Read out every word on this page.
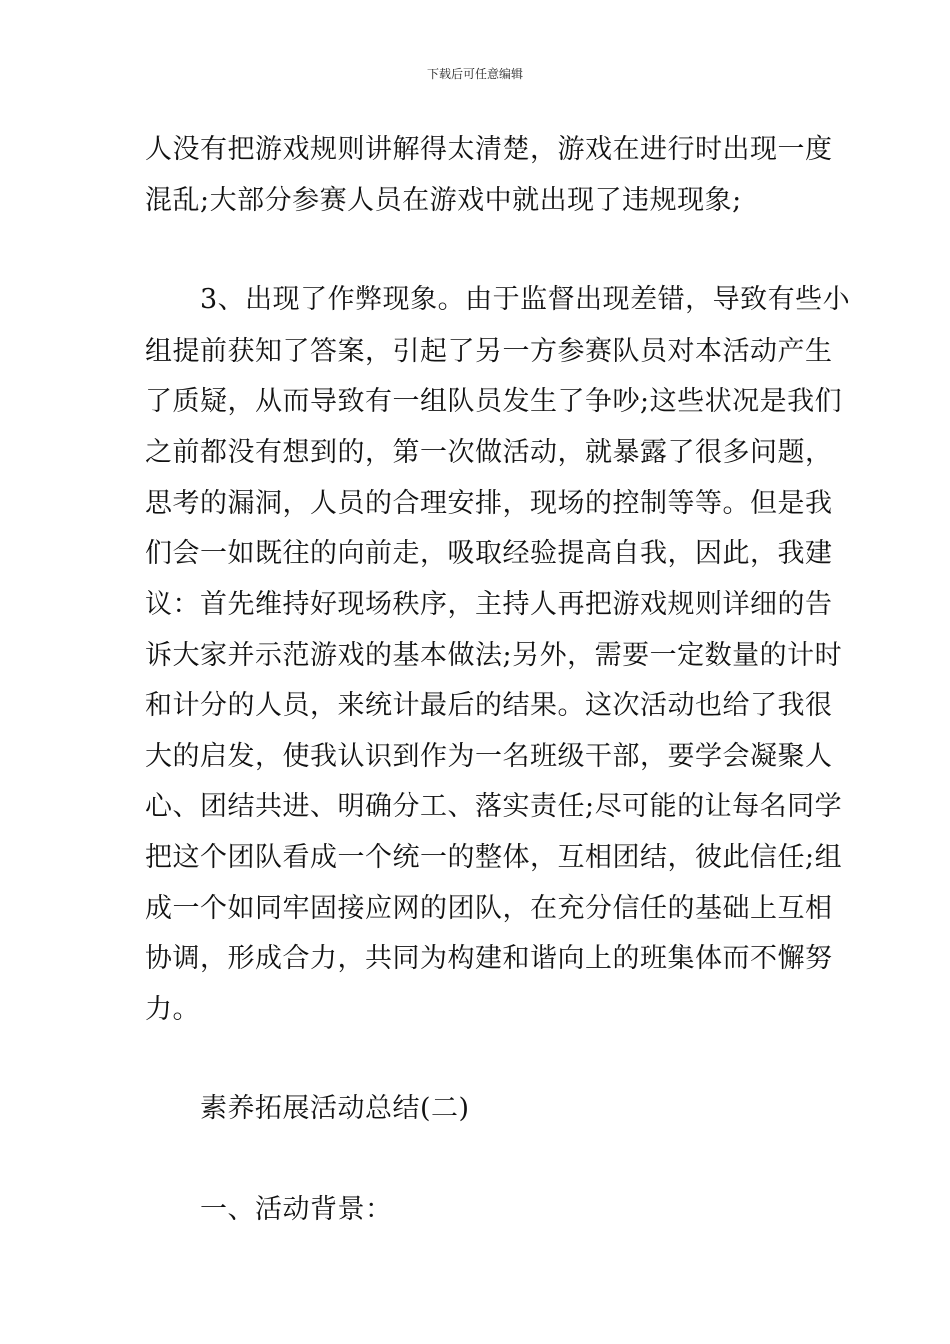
下载后可任意编辑
人没有把游戏规则讲解得太清楚，游戏在进行时出现一度
混乱;大部分参赛人员在游戏中就出现了违规现象;
　　3、出现了作弊现象。由于监督出现差错，导致有些小
组提前获知了答案，引起了另一方参赛队员对本活动产生
了质疑，从而导致有一组队员发生了争吵;这些状况是我们
之前都没有想到的，第一次做活动，就暴露了很多问题，
思考的漏洞，人员的合理安排，现场的控制等等。但是我
们会一如既往的向前走，吸取经验提高自我，因此，我建
议：首先维持好现场秩序，主持人再把游戏规则详细的告
诉大家并示范游戏的基本做法;另外，需要一定数量的计时
和计分的人员，来统计最后的结果。这次活动也给了我很
大的启发，使我认识到作为一名班级干部，要学会凝聚人
心、团结共进、明确分工、落实责任;尽可能的让每名同学
把这个团队看成一个统一的整体，互相团结，彼此信任;组
成一个如同牢固接应网的团队，在充分信任的基础上互相
协调，形成合力，共同为构建和谐向上的班集体而不懈努
力。
　　素养拓展活动总结(二)
　　一、活动背景：
